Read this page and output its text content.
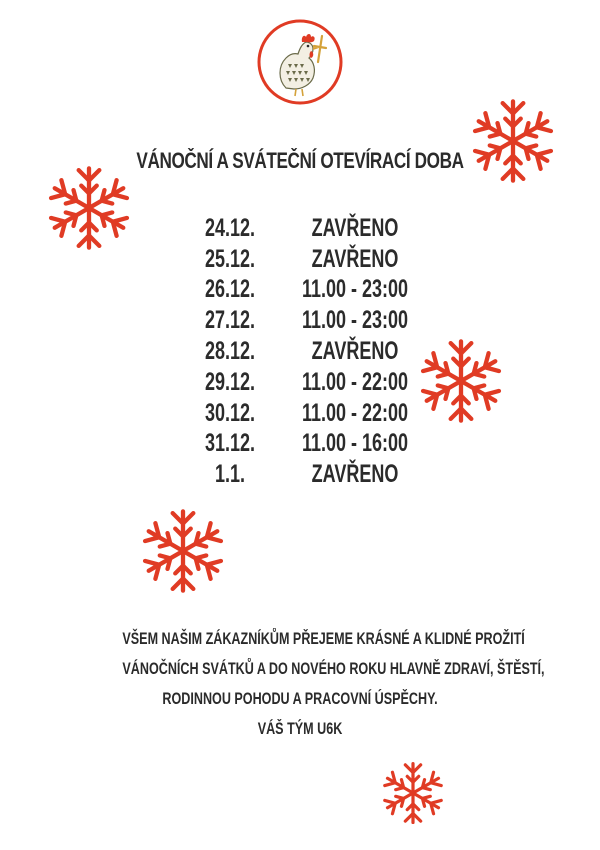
VÁNOČNÍ A SVÁTEČNÍ OTEVÍRACÍ DOBA
24.12.	ZAVŘENO
25.12.	ZAVŘENO
26.12.	11.00 - 23:00
27.12.	11.00 - 23:00
28.12.	ZAVŘENO
29.12.	11.00 - 22:00
30.12.	11.00 - 22:00
31.12.	11.00 - 16:00
1.1.	ZAVŘENO
VŠEM NAŠIM ZÁKAZNÍKŮM PŘEJEME KRÁSNÉ A KLIDNÉ PROŽITÍ
VÁNOČNÍCH SVÁTKŮ A DO NOVÉHO ROKU HLAVNĚ ZDRAVÍ, ŠTĚSTÍ,
RODINNOU POHODU A PRACOVNÍ ÚSPĚCHY.
VÁŠ TÝM U6K
